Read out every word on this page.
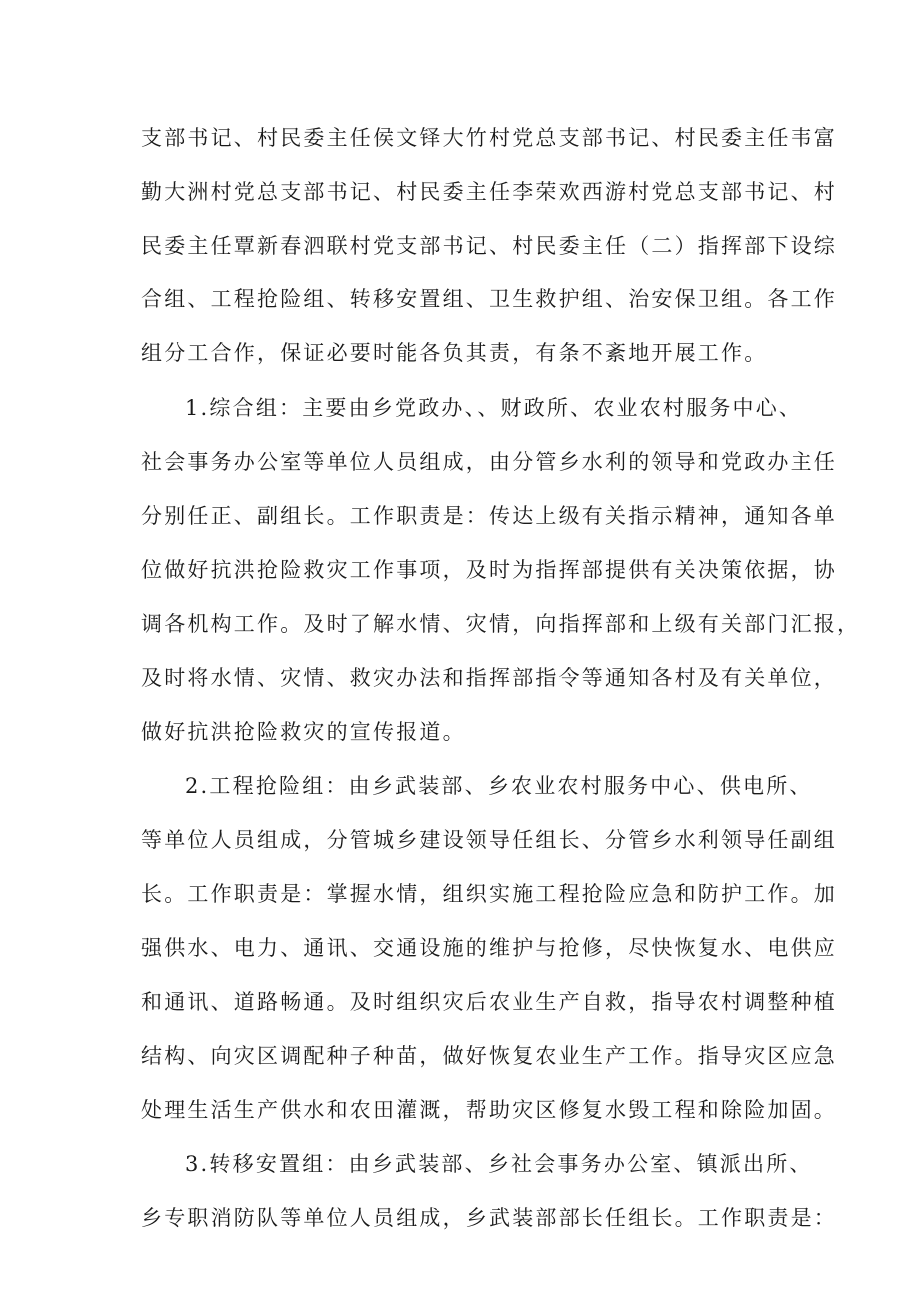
支部书记、村民委主任侯文铎大竹村党总支部书记、村民委主任韦富
勤大洲村党总支部书记、村民委主任李荣欢西游村党总支部书记、村
民委主任覃新春泗联村党支部书记、村民委主任（二）指挥部下设综
合组、工程抢险组、转移安置组、卫生救护组、治安保卫组。各工作
组分工合作，保证必要时能各负其责，有条不紊地开展工作。
1.综合组：主要由乡党政办、、财政所、农业农村服务中心、
社会事务办公室等单位人员组成，由分管乡水利的领导和党政办主任
分别任正、副组长。工作职责是：传达上级有关指示精神，通知各单
位做好抗洪抢险救灾工作事项，及时为指挥部提供有关决策依据，协
调各机构工作。及时了解水情、灾情，向指挥部和上级有关部门汇报，
及时将水情、灾情、救灾办法和指挥部指令等通知各村及有关单位，
做好抗洪抢险救灾的宣传报道。
2.工程抢险组：由乡武装部、乡农业农村服务中心、供电所、
等单位人员组成，分管城乡建设领导任组长、分管乡水利领导任副组
长。工作职责是：掌握水情，组织实施工程抢险应急和防护工作。加
强供水、电力、通讯、交通设施的维护与抢修，尽快恢复水、电供应
和通讯、道路畅通。及时组织灾后农业生产自救，指导农村调整种植
结构、向灾区调配种子种苗，做好恢复农业生产工作。指导灾区应急
处理生活生产供水和农田灌溉，帮助灾区修复水毁工程和除险加固。
3.转移安置组：由乡武装部、乡社会事务办公室、镇派出所、
乡专职消防队等单位人员组成，乡武装部部长任组长。工作职责是：
